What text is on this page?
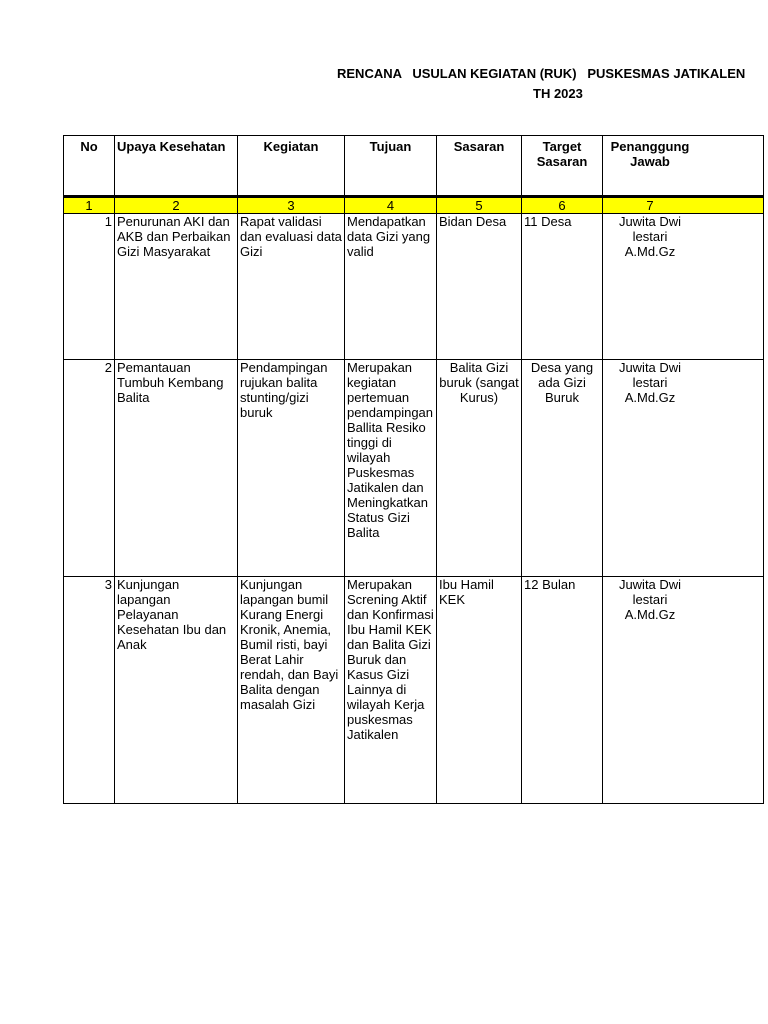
RENCANA   USULAN KEGIATAN (RUK)   PUSKESMAS JATIKALEN
TH 2023
No	Upaya Kesehatan	Kegiatan	Tujuan	Sasaran	Target Sasaran	Penanggung Jawab
1	2	3	4	5	6	7
1	Penurunan AKI dan AKB dan Perbaikan Gizi Masyarakat	Rapat validasi dan evaluasi data Gizi	Mendapatkan data Gizi yang valid	Bidan Desa	11 Desa	Juwita Dwi lestari A.Md.Gz
2	Pemantauan Tumbuh Kembang Balita	Pendampingan rujukan balita stunting/gizi buruk	Merupakan kegiatan pertemuan pendampingan Ballita Resiko tinggi di wilayah Puskesmas Jatikalen dan Meningkatkan Status Gizi Balita	Balita Gizi buruk (sangat Kurus)	Desa yang ada Gizi Buruk	Juwita Dwi lestari A.Md.Gz
3	Kunjungan lapangan Pelayanan Kesehatan Ibu dan Anak	Kunjungan lapangan bumil Kurang Energi Kronik, Anemia, Bumil risti, bayi Berat Lahir rendah, dan Bayi Balita dengan masalah Gizi	Merupakan Screning Aktif dan Konfirmasi Ibu Hamil KEK dan Balita Gizi Buruk dan Kasus Gizi Lainnya di wilayah Kerja puskesmas Jatikalen	Ibu Hamil KEK	12 Bulan	Juwita Dwi lestari A.Md.Gz
